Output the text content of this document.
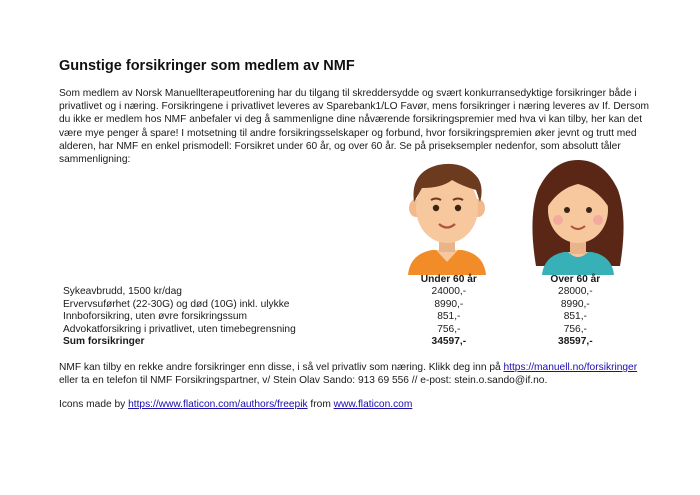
Gunstige forsikringer som medlem av NMF
Som medlem av Norsk Manuellterapeutforening har du tilgang til skreddersydde og svært konkurransedyktige forsikringer både i privatlivet og i næring. Forsikringene i privatlivet leveres av Sparebank1/LO Favør, mens forsikringer i næring leveres av If. Dersom du ikke er medlem hos NMF anbefaler vi deg å sammenligne dine nåværende forsikringspremier med hva vi kan tilby, her kan det være mye penger å spare! I motsetning til andre forsikringsselskaper og forbund, hvor forsikringspremien øker jevnt og trutt med alderen, har NMF en enkel prismodell: Forsikret under 60 år, og over 60 år. Se på priseksempler nedenfor, som absolutt tåler sammenligning:
	Under 60 år	Over 60 år
Sykeavbrudd, 1500 kr/dag	24000,-	28000,-
Ervervsuførhet (22-30G) og død (10G) inkl. ulykke	8990,-	8990,-
Innboforsikring, uten øvre forsikringssum	851,-	851,-
Advokatforsikring i privatlivet, uten timebegrensning	756,-	756,-
Sum forsikringer	34597,-	38597,-
NMF kan tilby en rekke andre forsikringer enn disse, i så vel privatliv som næring. Klikk deg inn på https://manuell.no/forsikringer eller ta en telefon til NMF Forsikringspartner, v/ Stein Olav Sando: 913 69 556 // e-post: stein.o.sando@if.no.
Icons made by https://www.flaticon.com/authors/freepik from www.flaticon.com
